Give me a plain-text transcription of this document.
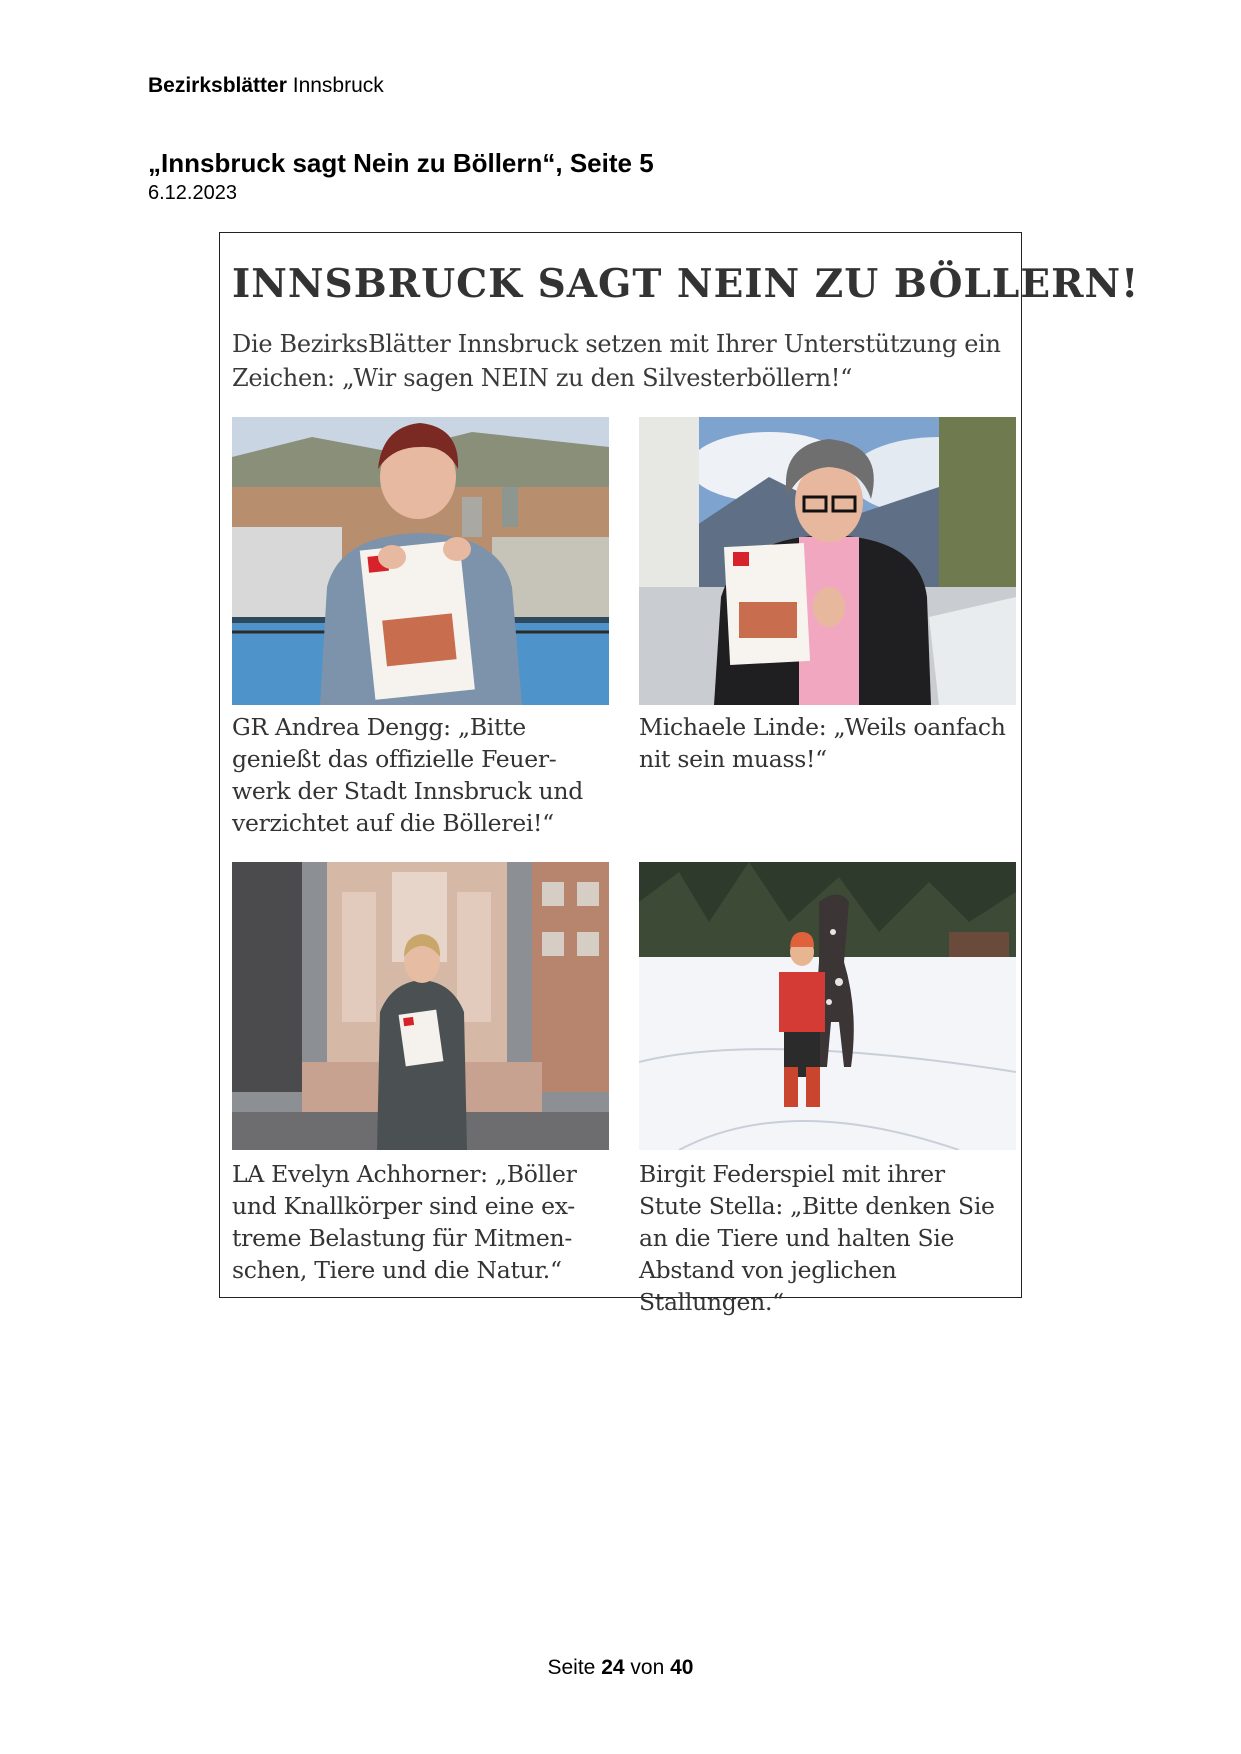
Bezirksblätter Innsbruck
„Innsbruck sagt Nein zu Böllern“, Seite 5
6.12.2023
INNSBRUCK SAGT NEIN ZU BÖLLERN!
Die BezirksBlätter Innsbruck setzen mit Ihrer Unterstützung ein Zeichen: „Wir sagen NEIN zu den Silvesterböllern!“
GR Andrea Dengg: „Bitte genießt das offizielle Feuer-werk der Stadt Innsbruck und verzichtet auf die Böllerei!“
Michaele Linde: „Weils oanfach nit sein muass!“
LA Evelyn Achhorner: „Böller und Knallkörper sind eine ex-treme Belastung für Mitmen-schen, Tiere und die Natur.“
Birgit Federspiel mit ihrer Stute Stella: „Bitte denken Sie an die Tiere und halten Sie Abstand von jeglichen Stallungen.“
Seite 24 von 40
